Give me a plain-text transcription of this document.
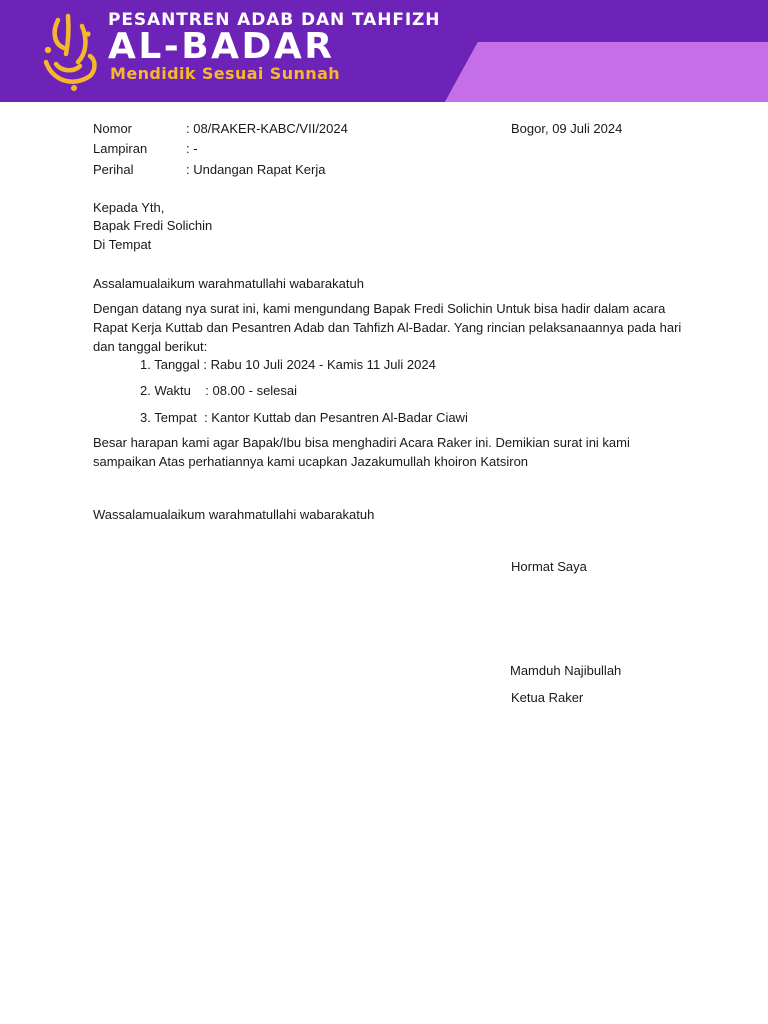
PESANTREN ADAB DAN TAHFIZH
AL-BADAR
Mendidik Sesuai Sunnah
Nomor	: 08/RAKER-KABC/VII/2024	Bogor, 09 Juli 2024
Lampiran	: -
Perihal	: Undangan Rapat Kerja
Kepada Yth,
Bapak Fredi Solichin
Di Tempat
Assalamualaikum warahmatullahi wabarakatuh
Dengan datang nya surat ini, kami mengundang Bapak Fredi Solichin Untuk bisa hadir dalam acara Rapat Kerja Kuttab dan Pesantren Adab dan Tahfizh Al-Badar. Yang rincian pelaksanaannya pada hari dan tanggal berikut:
1. Tanggal : Rabu 10 Juli 2024 - Kamis 11 Juli 2024
2. Waktu    : 08.00 - selesai
3. Tempat  : Kantor Kuttab dan Pesantren Al-Badar Ciawi
Besar harapan kami agar Bapak/Ibu bisa menghadiri Acara Raker ini. Demikian surat ini kami sampaikan Atas perhatiannya kami ucapkan Jazakumullah khoiron Katsiron
Wassalamualaikum warahmatullahi wabarakatuh
Hormat Saya
Mamduh Najibullah
Ketua Raker
